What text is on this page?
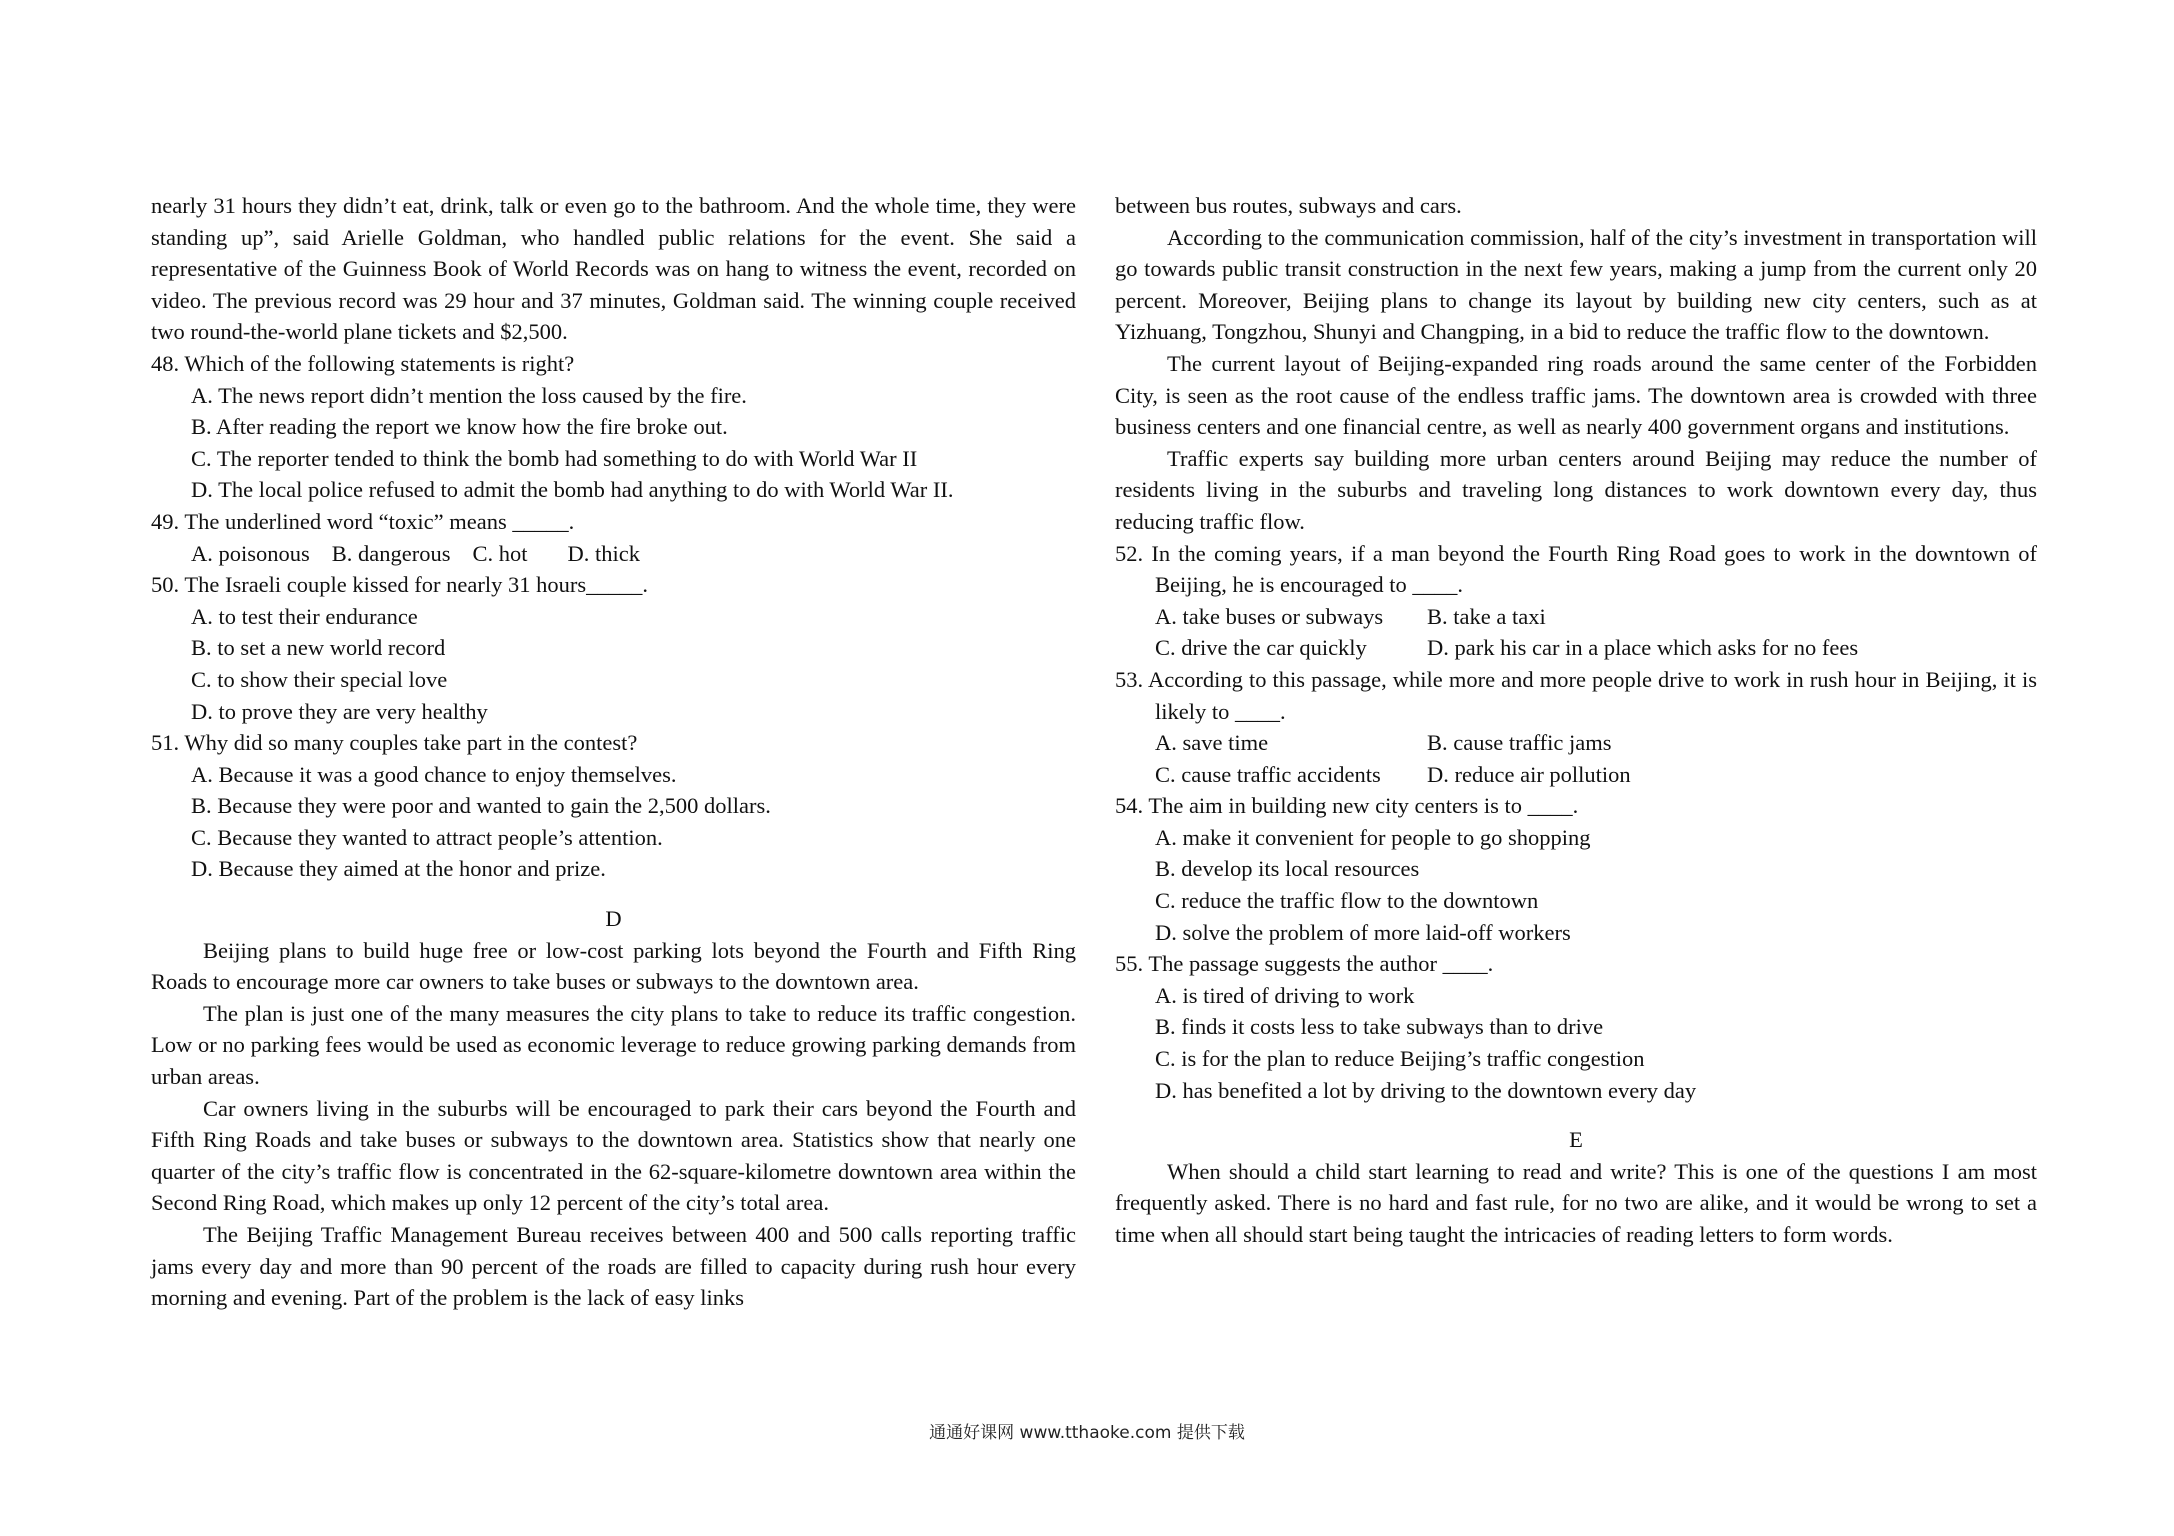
nearly 31 hours they didn’t eat, drink, talk or even go to the bathroom. And the whole time, they were standing up”, said Arielle Goldman, who handled public relations for the event. She said a representative of the Guinness Book of World Records was on hang to witness the event, recorded on video. The previous record was 29 hour and 37 minutes, Goldman said. The winning couple received two round-the-world plane tickets and $2,500.

48. Which of the following statements is right?
A. The news report didn’t mention the loss caused by the fire.
B. After reading the report we know how the fire broke out.
C. The reporter tended to think the bomb had something to do with World War II
D. The local police refused to admit the bomb had anything to do with World War II.
49. The underlined word “toxic” means _____.
A. poisonous B. dangerous C. hot D. thick
50. The Israeli couple kissed for nearly 31 hours_____.
A. to test their endurance
B. to set a new world record
C. to show their special love
D. to prove they are very healthy
51. Why did so many couples take part in the contest?
A. Because it was a good chance to enjoy themselves.
B. Because they were poor and wanted to gain the 2,500 dollars.
C. Because they wanted to attract people’s attention.
D. Because they aimed at the honor and prize.
D

Beijing plans to build huge free or low-cost parking lots beyond the Fourth and Fifth Ring Roads to encourage more car owners to take buses or subways to the downtown area.

The plan is just one of the many measures the city plans to take to reduce its traffic congestion. Low or no parking fees would be used as economic leverage to reduce growing parking demands from urban areas.

Car owners living in the suburbs will be encouraged to park their cars beyond the Fourth and Fifth Ring Roads and take buses or subways to the downtown area. Statistics show that nearly one quarter of the city’s traffic flow is concentrated in the 62-square-kilometre downtown area within the Second Ring Road, which makes up only 12 percent of the city’s total area.

The Beijing Traffic Management Bureau receives between 400 and 500 calls reporting traffic jams every day and more than 90 percent of the roads are filled to capacity during rush hour every morning and evening. Part of the problem is the lack of easy links

between bus routes, subways and cars.

According to the communication commission, half of the city’s investment in transportation will go towards public transit construction in the next few years, making a jump from the current only 20 percent. Moreover, Beijing plans to change its layout by building new city centers, such as at Yizhuang, Tongzhou, Shunyi and Changping, in a bid to reduce the traffic flow to the downtown.

The current layout of Beijing-expanded ring roads around the same center of the Forbidden City, is seen as the root cause of the endless traffic jams. The downtown area is crowded with three business centers and one financial centre, as well as nearly 400 government organs and institutions.

Traffic experts say building more urban centers around Beijing may reduce the number of residents living in the suburbs and traveling long distances to work downtown every day, thus reducing traffic flow.

52. In the coming years, if a man beyond the Fourth Ring Road goes to work in the downtown of Beijing, he is encouraged to ____.
A. take buses or subways	B. take a taxi
C. drive the car quickly	D. park his car in a place which asks for no fees
53. According to this passage, while more and more people drive to work in rush hour in Beijing, it is likely to ____.
A. save time	B. cause traffic jams
C. cause traffic accidents	D. reduce air pollution
54. The aim in building new city centers is to ____.
A. make it convenient for people to go shopping
B. develop its local resources
C. reduce the traffic flow to the downtown
D. solve the problem of more laid-off workers
55. The passage suggests the author ____.
A. is tired of driving to work
B. finds it costs less to take subways than to drive
C. is for the plan to reduce Beijing’s traffic congestion
D. has benefited a lot by driving to the downtown every day
E

When should a child start learning to read and write? This is one of the questions I am most frequently asked. There is no hard and fast rule, for no two are alike, and it would be wrong to set a time when all should start being taught the intricacies of reading letters to form words.

通通好课网 www.tthaoke.com 提供下载
